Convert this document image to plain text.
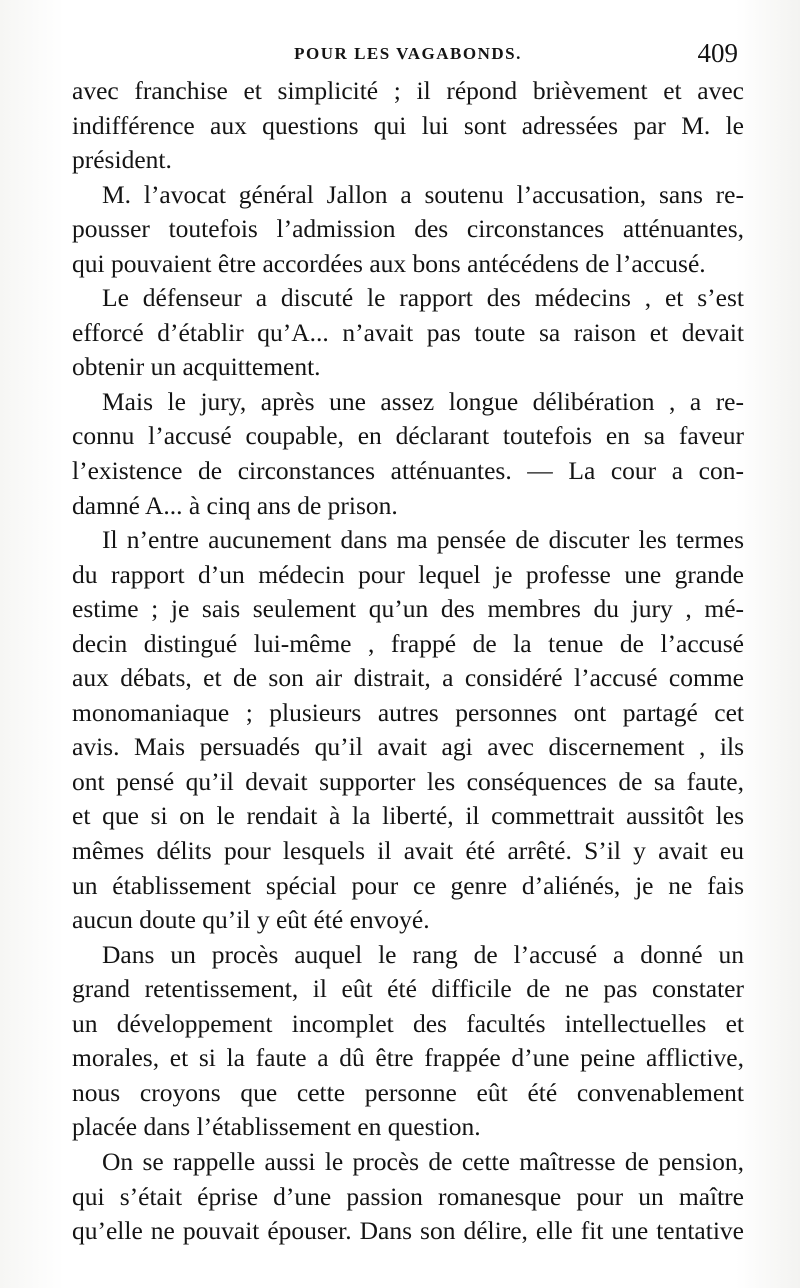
POUR LES VAGABONDS.	409
avec franchise et simplicité ; il répond brièvement et avec
indifférence aux questions qui lui sont adressées par M. le
président.
M. l’avocat général Jallon a soutenu l’accusation, sans re-
pousser toutefois l’admission des circonstances atténuantes,
qui pouvaient être accordées aux bons antécédens de l’accusé.
Le défenseur a discuté le rapport des médecins , et s’est
efforcé d’établir qu’A... n’avait pas toute sa raison et devait
obtenir un acquittement.
Mais le jury, après une assez longue délibération , a re-
connu l’accusé coupable, en déclarant toutefois en sa faveur
l’existence de circonstances atténuantes. — La cour a con-
damné A... à cinq ans de prison.
Il n’entre aucunement dans ma pensée de discuter les termes
du rapport d’un médecin pour lequel je professe une grande
estime ; je sais seulement qu’un des membres du jury , mé-
decin distingué lui-même , frappé de la tenue de l’accusé
aux débats, et de son air distrait, a considéré l’accusé comme
monomaniaque ; plusieurs autres personnes ont partagé cet
avis. Mais persuadés qu’il avait agi avec discernement , ils
ont pensé qu’il devait supporter les conséquences de sa faute,
et que si on le rendait à la liberté, il commettrait aussitôt les
mêmes délits pour lesquels il avait été arrêté. S’il y avait eu
un établissement spécial pour ce genre d’aliénés, je ne fais
aucun doute qu’il y eût été envoyé.
Dans un procès auquel le rang de l’accusé a donné un
grand retentissement, il eût été difficile de ne pas constater
un développement incomplet des facultés intellectuelles et
morales, et si la faute a dû être frappée d’une peine afflictive,
nous croyons que cette personne eût été convenablement
placée dans l’établissement en question.
On se rappelle aussi le procès de cette maîtresse de pension,
qui s’était éprise d’une passion romanesque pour un maître
qu’elle ne pouvait épouser. Dans son délire, elle fit une tentative
